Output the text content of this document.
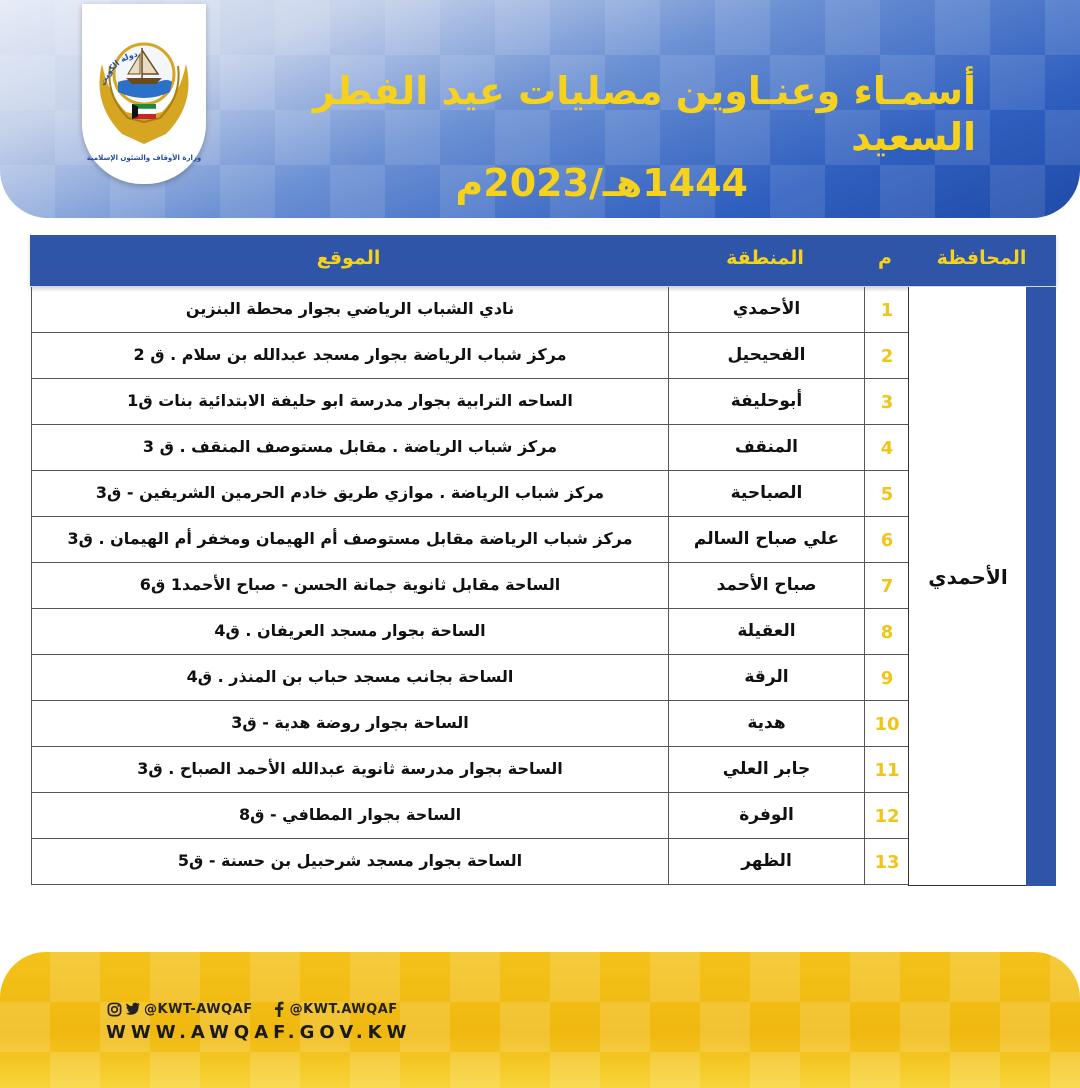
دولة الكويت
وزارة الأوقاف والشئون الإسلامية
أسمـاء وعنـاوين مصليات عيد الفطر السعيد
1444هـ/2023م
الموقع	المنطقة	م	المحافظة
الأحمدي
نادي الشباب الرياضي بجوار محطة البنزين	الأحمدي	1
مركز شباب الرياضة بجوار مسجد عبدالله بن سلام . ق 2	الفحيحيل	2
الساحه الترابية بجوار مدرسة ابو حليفة الابتدائية بنات ق1	أبوحليفة	3
مركز شباب الرياضة . مقابل مستوصف المنقف . ق 3	المنقف	4
مركز شباب الرياضة . موازي طريق خادم الحرمين الشريفين - ق3	الصباحية	5
مركز شباب الرياضة مقابل مستوصف أم الهيمان ومخفر أم الهيمان . ق3	علي صباح السالم	6
الساحة مقابل ثانوية جمانة الحسن - صباح الأحمد1 ق6	صباح الأحمد	7
الساحة بجوار مسجد العريفان . ق4	العقيلة	8
الساحة بجانب مسجد حباب بن المنذر . ق4	الرقة	9
الساحة بجوار روضة هدية - ق3	هدية	10
الساحة بجوار مدرسة ثانوية عبدالله الأحمد الصباح . ق3	جابر العلي	11
الساحة بجوار المطافي - ق8	الوفرة	12
الساحة بجوار مسجد شرحبيل بن حسنة - ق5	الظهر	13
@KWT-AWQAF	@KWT.AWQAF
WWW.AWQAF.GOV.KW
